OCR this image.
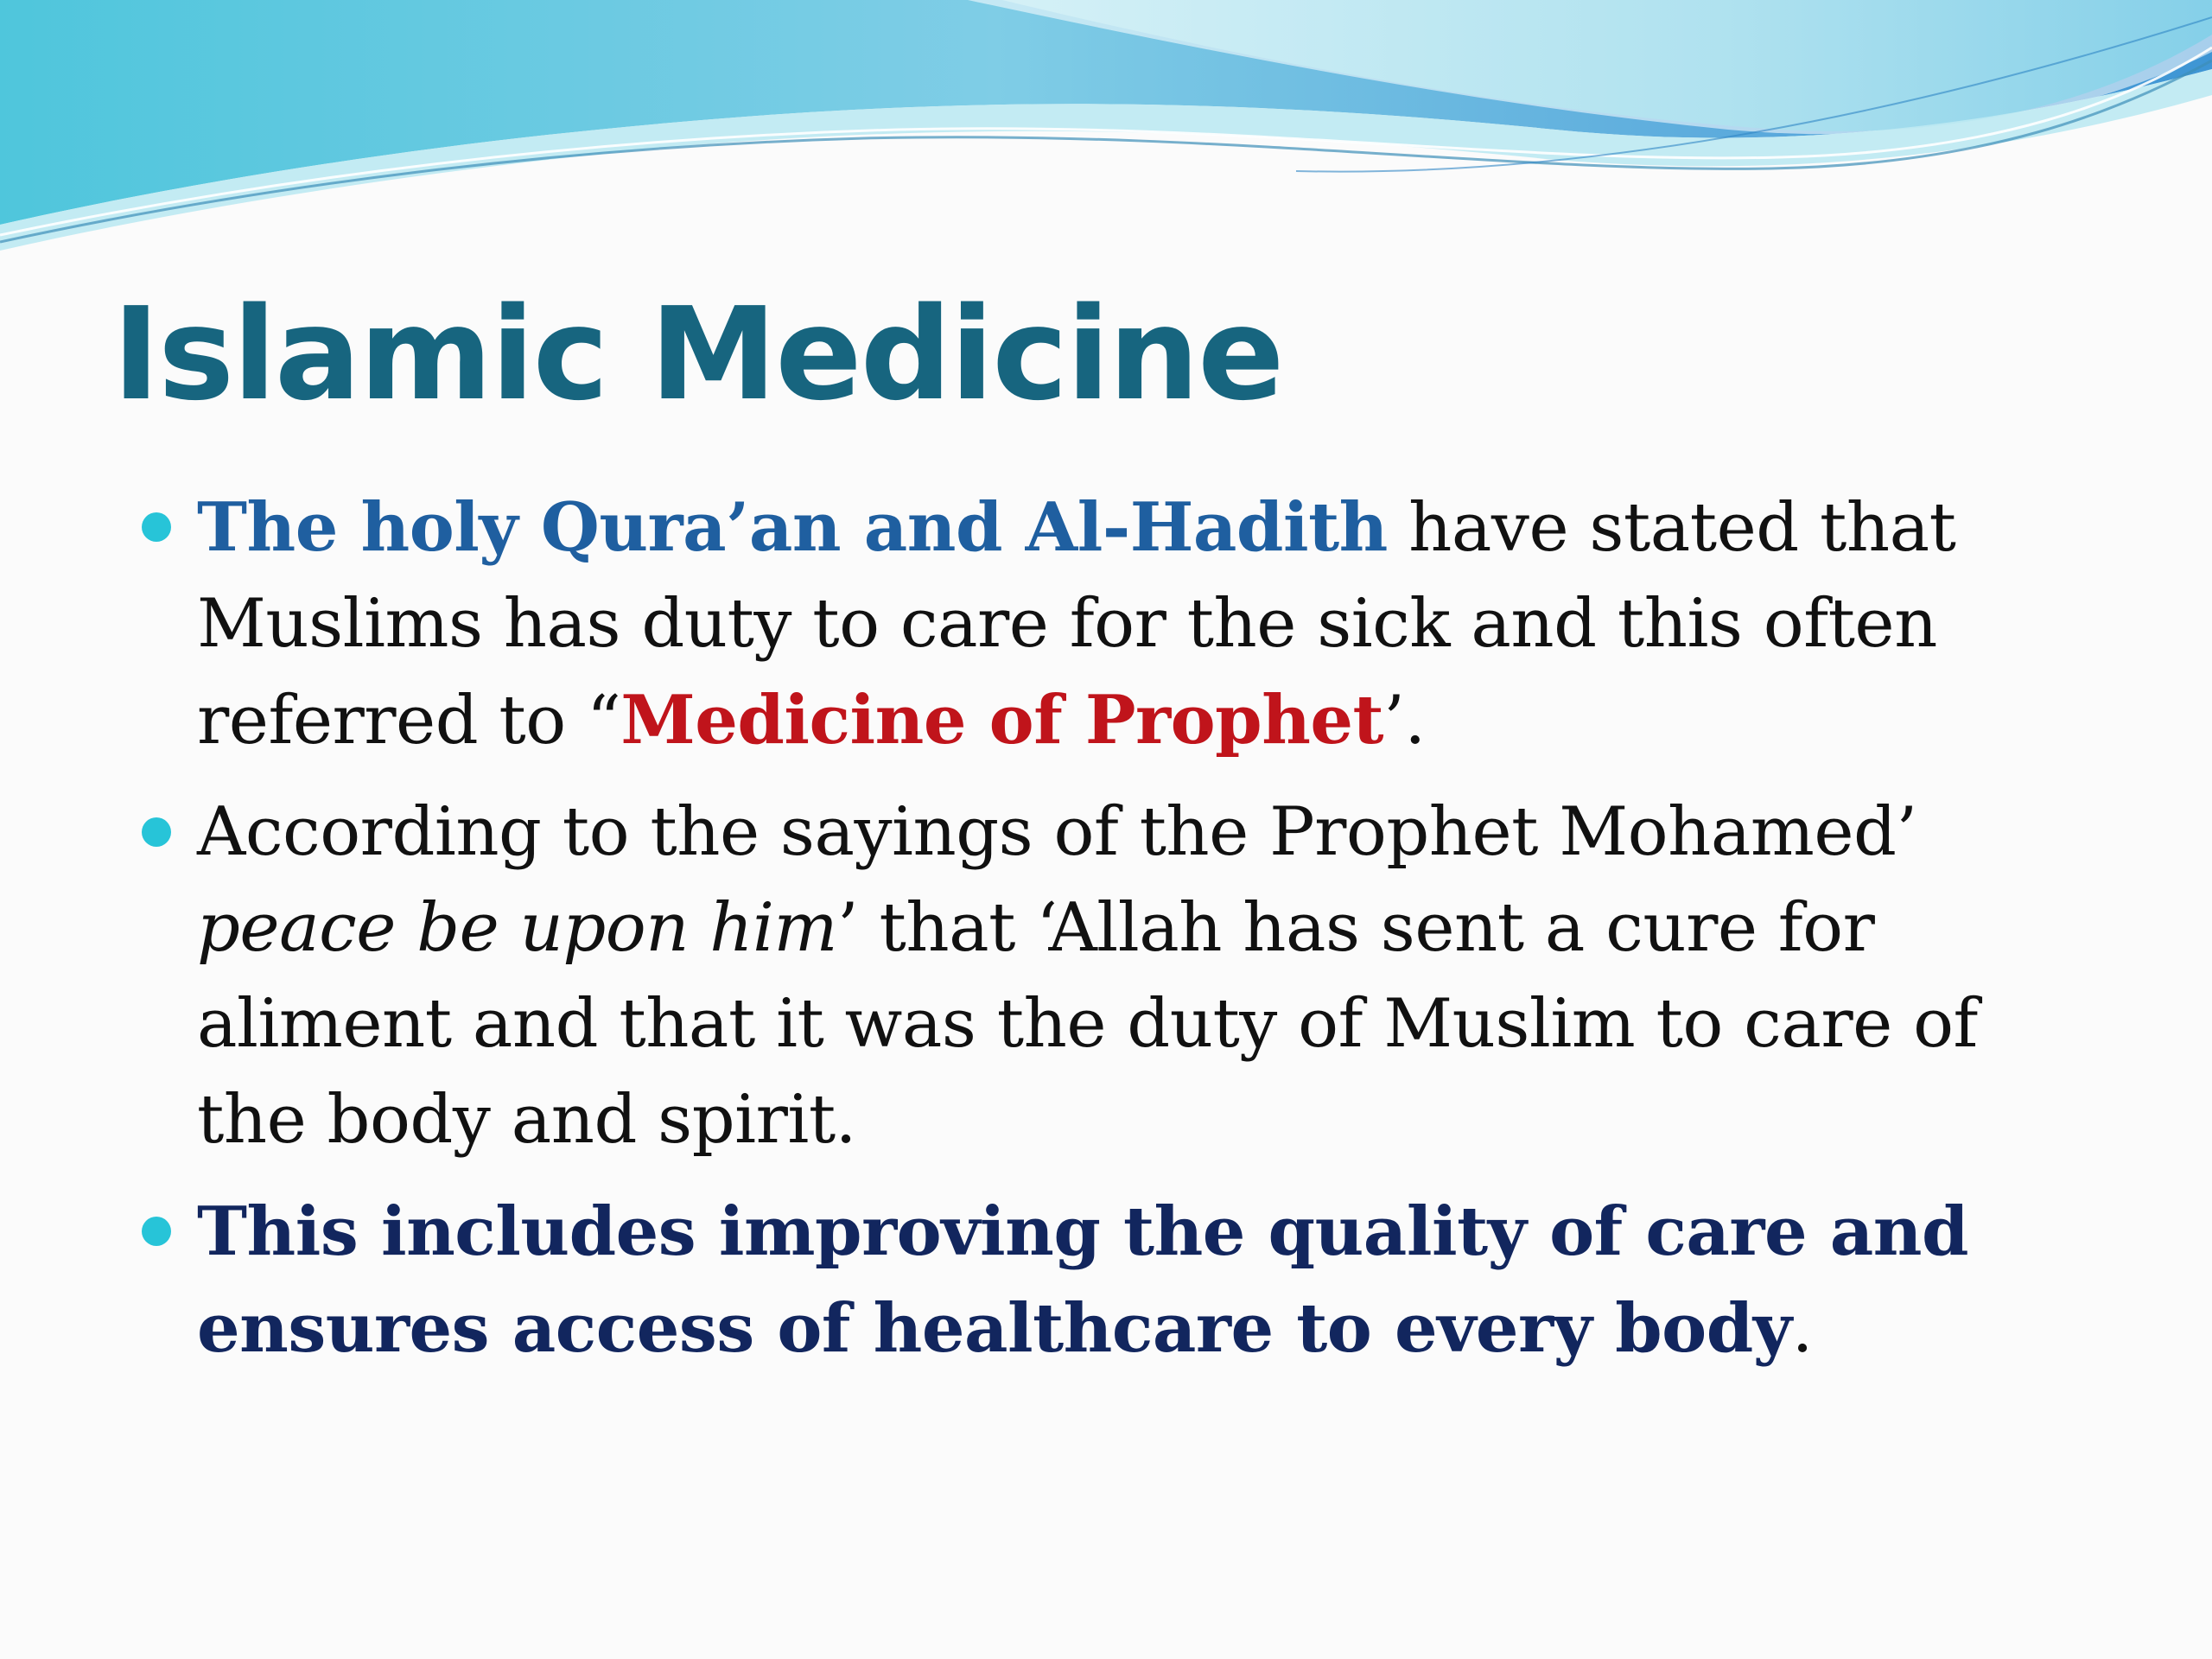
Islamic Medicine
The holy Qura’an and Al-Hadith have stated that Muslims has duty to care for the sick and this often referred to “Medicine of Prophet’.
According to the sayings of the Prophet Mohamed’ peace be upon him’ that ‘Allah has sent a cure for aliment and that it was the duty of Muslim to care of the body and spirit.
This includes improving the quality of care and ensures access of healthcare to every body.
